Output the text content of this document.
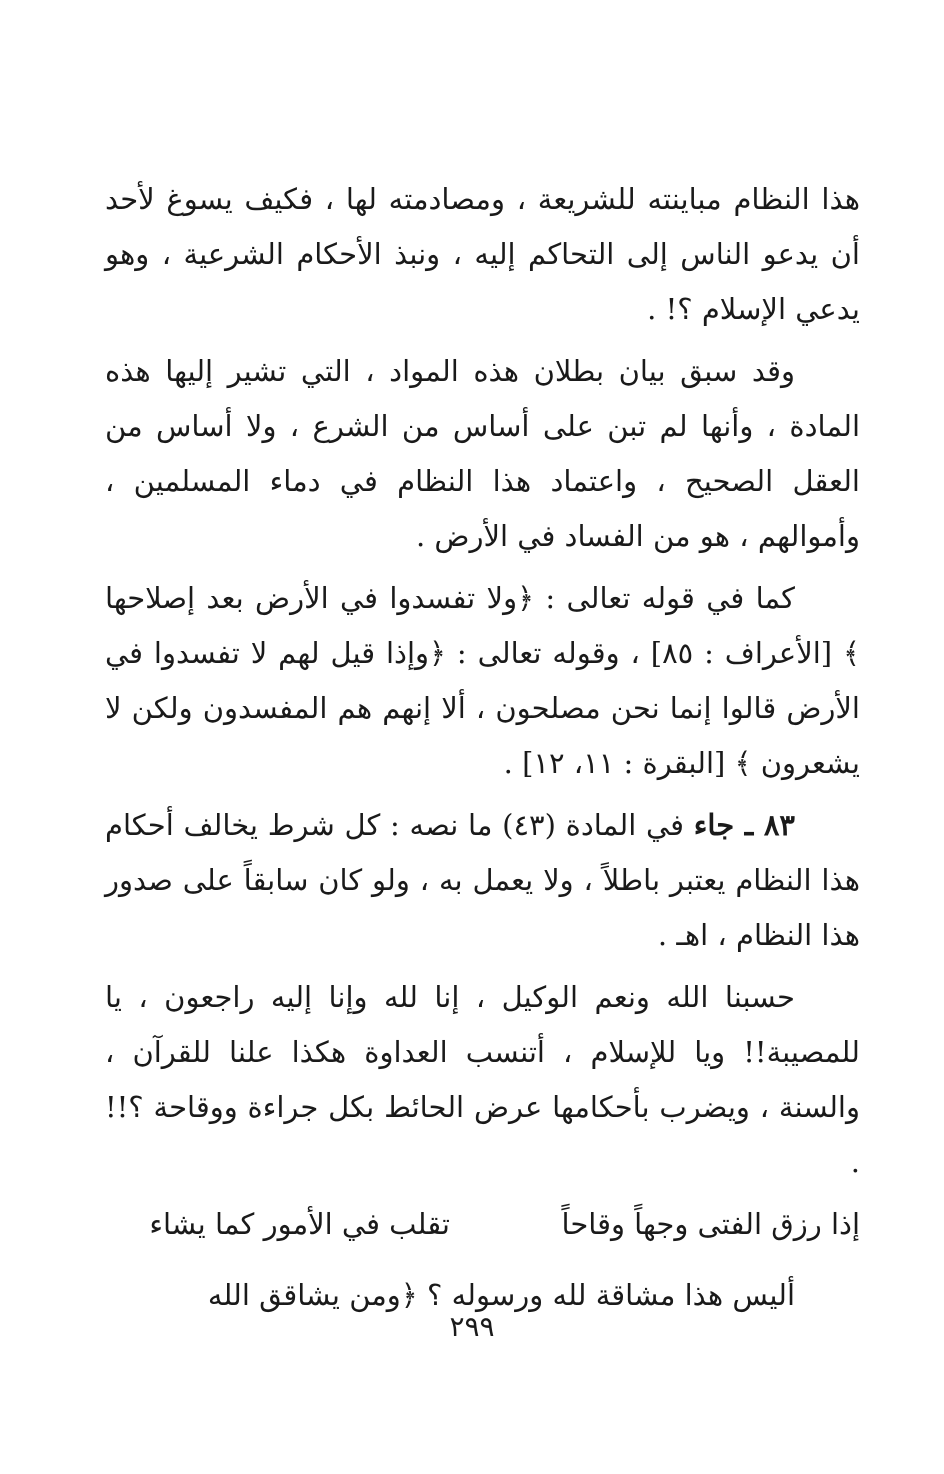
هذا النظام مباينته للشريعة ، ومصادمته لها ، فكيف يسوغ لأحد أن يدعو الناس إلى التحاكم إليه ، ونبذ الأحكام الشرعية ، وهو يدعي الإسلام ؟! .

وقد سبق بيان بطلان هذه المواد ، التي تشير إليها هذه المادة ، وأنها لم تبن على أساس من الشرع ، ولا أساس من العقل الصحيح ، واعتماد هذا النظام في دماء المسلمين ، وأموالهم ، هو من الفساد في الأرض .

كما في قوله تعالى : ﴿ولا تفسدوا في الأرض بعد إصلاحها ﴾ [الأعراف : ٨٥] ، وقوله تعالى : ﴿وإذا قيل لهم لا تفسدوا في الأرض قالوا إنما نحن مصلحون ، ألا إنهم هم المفسدون ولكن لا يشعرون ﴾ [البقرة : ١١، ١٢] .

٨٣ ـ جاء في المادة (٤٣) ما نصه : كل شرط يخالف أحكام هذا النظام يعتبر باطلاً ، ولا يعمل به ، ولو كان سابقاً على صدور هذا النظام ، اهـ .

حسبنا الله ونعم الوكيل ، إنا لله وإنا إليه راجعون ، يا للمصيبة!! ويا للإسلام ، أتنسب العداوة هكذا علنا للقرآن ، والسنة ، ويضرب بأحكامها عرض الحائط بكل جراءة ووقاحة ؟!! .

إذا رزق الفتى وجهاً وقاحاً
تقلب في الأمور كما يشاء

أليس هذا مشاقة لله ورسوله ؟ ﴿ومن يشاقق الله

٢٩٩
